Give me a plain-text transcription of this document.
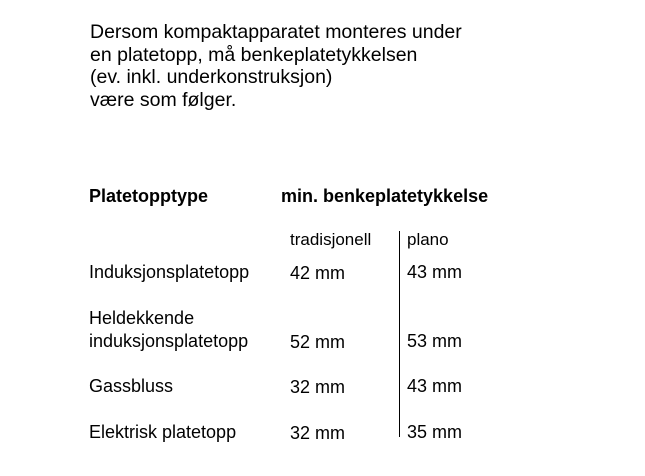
Dersom kompaktapparatet monteres under
en platetopp, må benkeplatetykkelsen
(ev. inkl. underkonstruksjon)
være som følger.
Platetopptype	min. benkeplatetykkelse
tradisjonell plano
Induksjonsplatetopp 42 mm	43 mm
Heldekkende
induksjonsplatetopp 52 mm	53 mm
Gassbluss	32 mm	43 mm
Elektrisk platetopp	32 mm	35 mm
